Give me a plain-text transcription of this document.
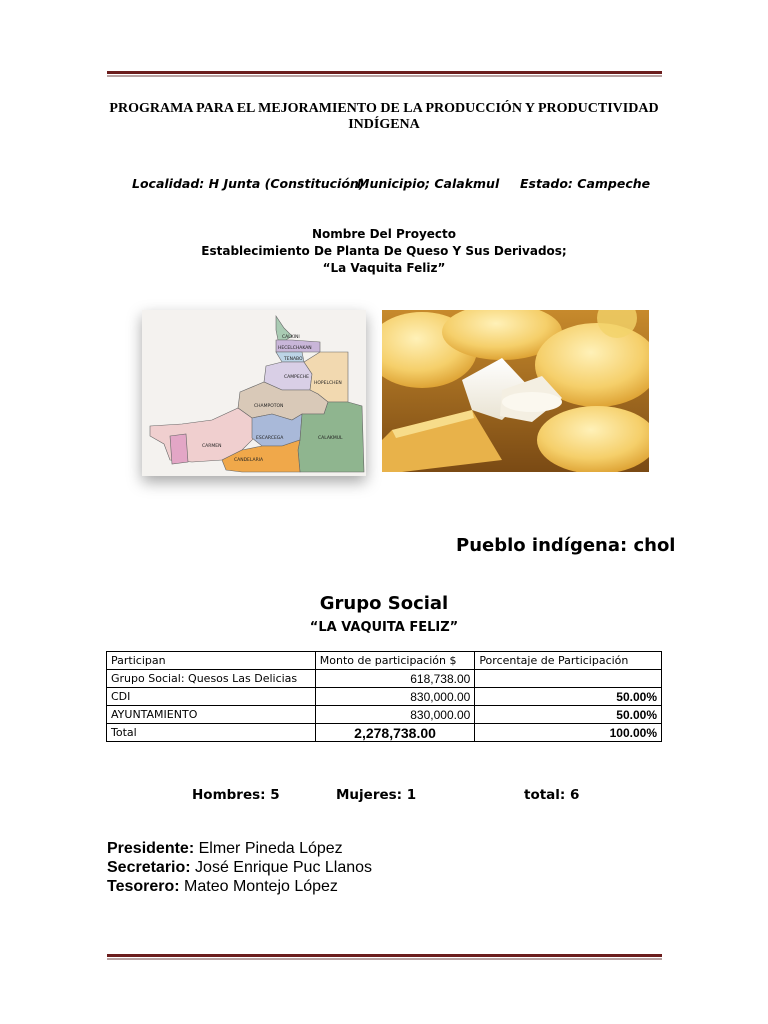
PROGRAMA PARA EL MEJORAMIENTO DE LA PRODUCCIÓN Y PRODUCTIVIDAD INDÍGENA
Localidad: H Junta (Constitución)
Municipio; Calakmul Estado: Campeche
Nombre Del Proyecto
Establecimiento De Planta De Queso Y Sus Derivados;
“La Vaquita Feliz”
CALKINI
HECELCHAKAN
TENABO
CAMPECHE
HOPELCHEN
CHAMPOTON
CARMEN
ESCARCEGA	CALAKMUL
CANDELARIA
Pueblo indígena: chol
Grupo Social
“LA VAQUITA FELIZ”
Participan	Monto de participación $	Porcentaje de Participación
Grupo Social: Quesos Las Delicias	618,738.00	
CDI	830,000.00	50.00%
AYUNTAMIENTO	830,000.00	50.00%
Total	2,278,738.00	100.00%
Hombres: 5	Mujeres: 1	total: 6
Presidente: Elmer Pineda López
Secretario: José Enrique Puc Llanos
Tesorero: Mateo Montejo López
